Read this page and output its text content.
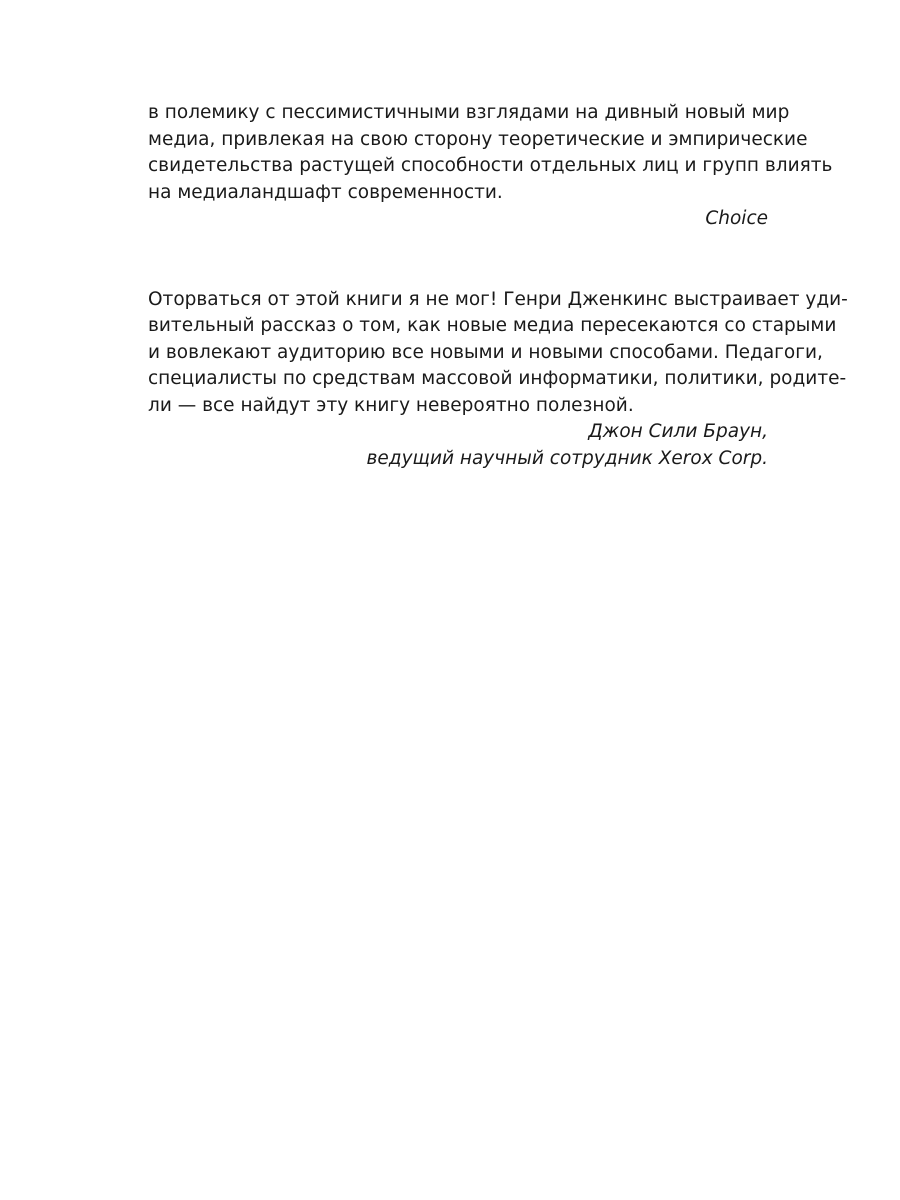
в полемику с пессимистичными взглядами на дивный новый мир
медиа, привлекая на свою сторону теоретические и эмпирические
свидетельства растущей способности отдельных лиц и групп влиять
на медиаландшафт современности.
Choice
Оторваться от этой книги я не мог! Генри Дженкинс выстраивает уди-
вительный рассказ о том, как новые медиа пересекаются со старыми
и вовлекают аудиторию все новыми и новыми способами. Педагоги,
специалисты по средствам массовой информатики, политики, родите-
ли — все найдут эту книгу невероятно полезной.
Джон Сили Браун,
ведущий научный сотрудник Xerox Corp.
